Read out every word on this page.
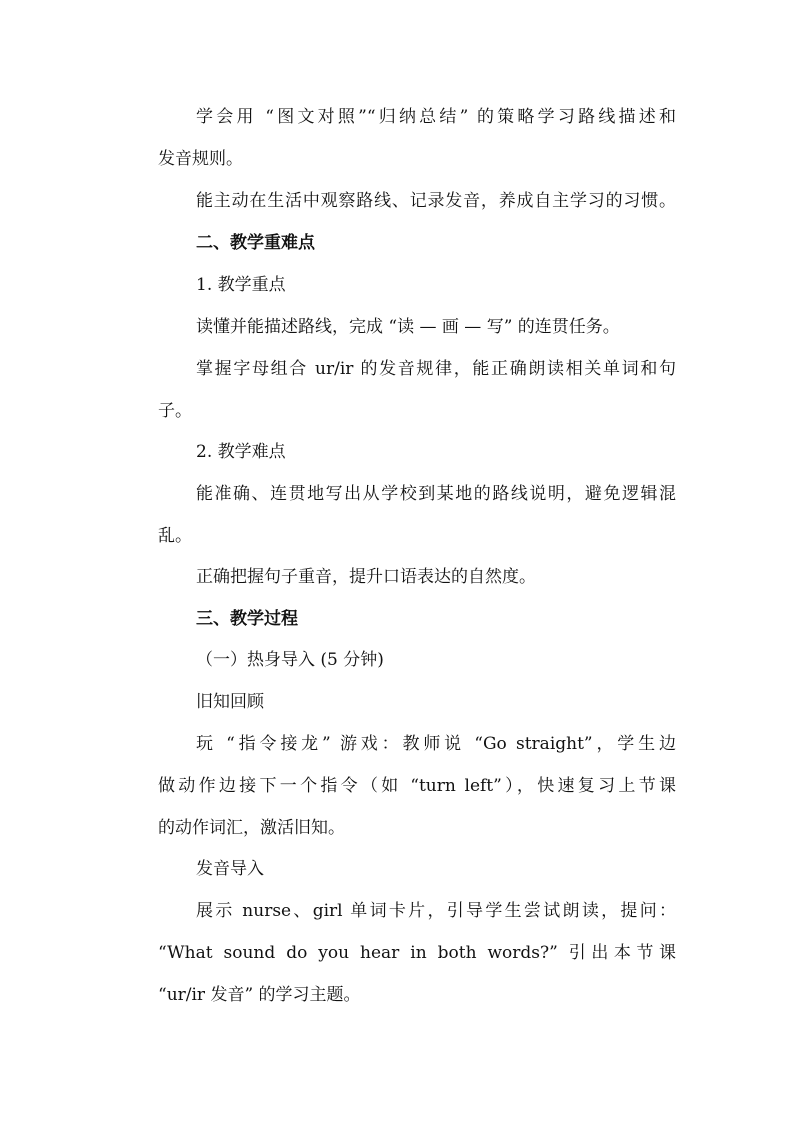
学会用 “图文对照”“归纳总结” 的策略学习路线描述和
发音规则。
能主动在生活中观察路线、记录发音，养成自主学习的习惯。
二、教学重难点
1. 教学重点
读懂并能描述路线，完成 “读 — 画 — 写” 的连贯任务。
掌握字母组合 ur/ir 的发音规律，能正确朗读相关单词和句
子。
2. 教学难点
能准确、连贯地写出从学校到某地的路线说明，避免逻辑混
乱。
正确把握句子重音，提升口语表达的自然度。
三、教学过程
（一）热身导入 (5 分钟)
旧知回顾
玩 “指令接龙” 游戏：教师说 “Go straight”，学生边
做动作边接下一个指令（如 “turn left”），快速复习上节课
的动作词汇，激活旧知。
发音导入
展示 nurse、girl 单词卡片，引导学生尝试朗读，提问：
“What sound do you hear in both words?” 引出本节课
“ur/ir 发音” 的学习主题。
